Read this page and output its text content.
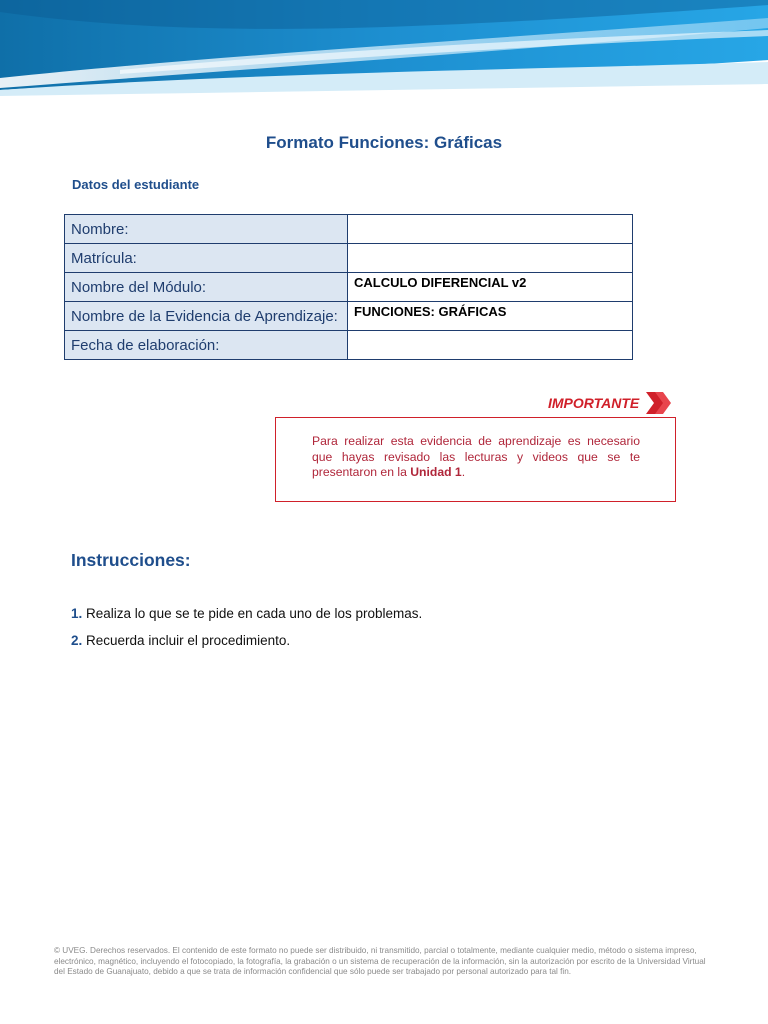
Formato Funciones: Gráficas
Datos del estudiante
Nombre:	
Matrícula:	
Nombre del Módulo:	CALCULO DIFERENCIAL v2
Nombre de la Evidencia de Aprendizaje:	FUNCIONES: GRÁFICAS
Fecha de elaboración:	
IMPORTANTE
Para realizar esta evidencia de aprendizaje es necesario que hayas revisado las lecturas y videos que se te presentaron en la Unidad 1.
Instrucciones:
1. Realiza lo que se te pide en cada uno de los problemas.
2. Recuerda incluir el procedimiento.
© UVEG. Derechos reservados. El contenido de este formato no puede ser distribuido, ni transmitido, parcial o totalmente, mediante cualquier medio, método o sistema impreso, electrónico, magnético, incluyendo el fotocopiado, la fotografía, la grabación o un sistema de recuperación de la información, sin la autorización por escrito de la Universidad Virtual del Estado de Guanajuato, debido a que se trata de información confidencial que sólo puede ser trabajado por personal autorizado para tal fin.
